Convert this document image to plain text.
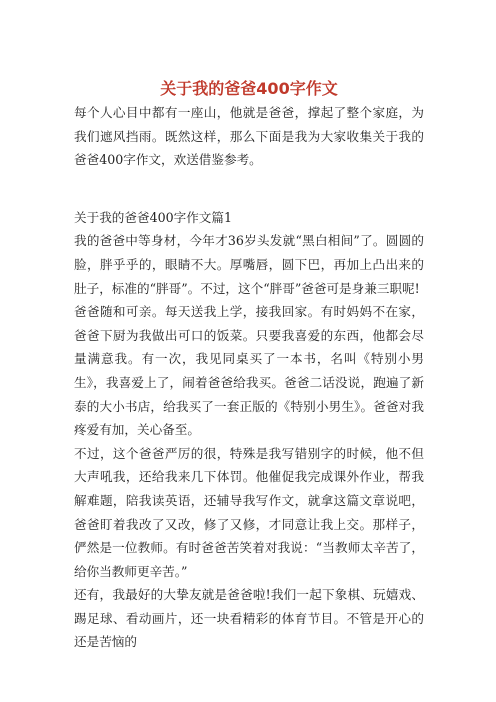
关于我的爸爸400字作文

每个人心目中都有一座山，他就是爸爸，撑起了整个家庭，为我们遮风挡雨。既然这样，那么下面是我为大家收集关于我的爸爸400字作文，欢送借鉴参考。

关于我的爸爸400字作文篇1

我的爸爸中等身材，今年才36岁头发就“黑白相间”了。圆圆的脸，胖乎乎的，眼睛不大。厚嘴唇，圆下巴，再加上凸出来的肚子，标准的“胖哥”。不过，这个“胖哥”爸爸可是身兼三职呢!

爸爸随和可亲。每天送我上学，接我回家。有时妈妈不在家，爸爸下厨为我做出可口的饭菜。只要我喜爱的东西，他都会尽量满意我。有一次，我见同桌买了一本书，名叫《特别小男生》，我喜爱上了，闹着爸爸给我买。爸爸二话没说，跑遍了新泰的大小书店，给我买了一套正版的《特别小男生》。爸爸对我疼爱有加，关心备至。

不过，这个爸爸严厉的很，特殊是我写错别字的时候，他不但大声吼我，还给我来几下体罚。他催促我完成课外作业，帮我解难题，陪我读英语，还辅导我写作文，就拿这篇文章说吧，爸爸盯着我改了又改，修了又修，才同意让我上交。那样子，俨然是一位教师。有时爸爸苦笑着对我说：“当教师太辛苦了，给你当教师更辛苦。”

还有，我最好的大挚友就是爸爸啦!我们一起下象棋、玩嬉戏、踢足球、看动画片，还一块看精彩的体育节目。不管是开心的还是苦恼的
